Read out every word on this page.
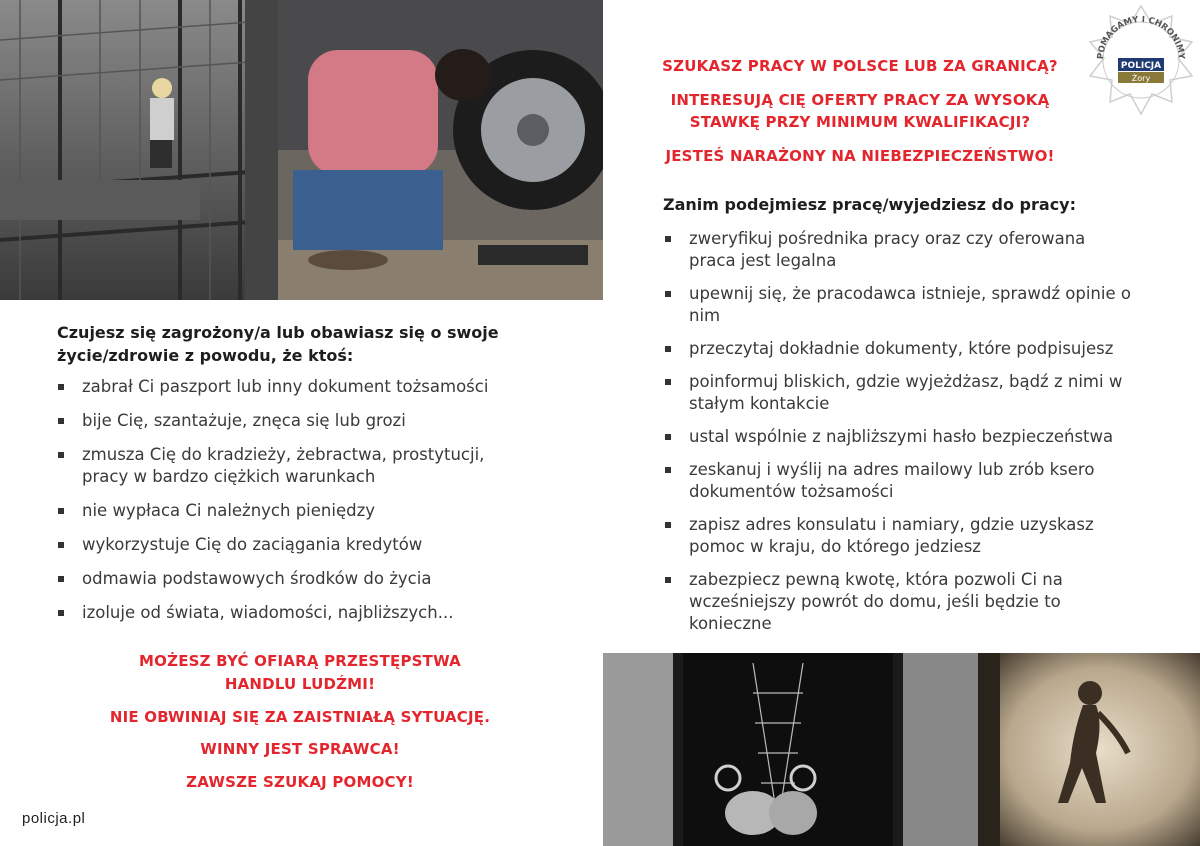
POMAGAMY I CHRONIMY
POLICJA
Żory
SZUKASZ PRACY W POLSCE LUB ZA GRANICĄ?
INTERESUJĄ CIĘ OFERTY PRACY ZA WYSOKĄ
STAWKĘ PRZY MINIMUM KWALIFIKACJI?
JESTEŚ NARAŻONY NA NIEBEZPIECZEŃSTWO!
Zanim podejmiesz pracę/wyjedziesz do pracy:
zweryfikuj pośrednika pracy oraz czy oferowana praca jest legalna
upewnij się, że pracodawca istnieje, sprawdź opinie o nim
przeczytaj dokładnie dokumenty, które podpisujesz
poinformuj bliskich, gdzie wyjeżdżasz, bądź z nimi w stałym kontakcie
ustal wspólnie z najbliższymi hasło bezpieczeństwa
zeskanuj i wyślij na adres mailowy lub zrób ksero dokumentów tożsamości
zapisz adres konsulatu i namiary, gdzie uzyskasz pomoc w kraju, do którego jedziesz
zabezpiecz pewną kwotę, która pozwoli Ci na wcześniejszy powrót do domu, jeśli będzie to konieczne
Czujesz się zagrożony/a lub obawiasz się o swoje
życie/zdrowie z powodu, że ktoś:
zabrał Ci paszport lub inny dokument tożsamości
bije Cię, szantażuje, znęca się lub grozi
zmusza Cię do kradzieży, żebractwa, prostytucji, pracy w bardzo ciężkich warunkach
nie wypłaca Ci należnych pieniędzy
wykorzystuje Cię do zaciągania kredytów
odmawia podstawowych środków do życia
izoluje od świata, wiadomości, najbliższych...
MOŻESZ BYĆ OFIARĄ PRZESTĘPSTWA
HANDLU LUDŹMI!
NIE OBWINIAJ SIĘ ZA ZAISTNIAŁĄ SYTUACJĘ.
WINNY JEST SPRAWCA!
ZAWSZE SZUKAJ POMOCY!
policja.pl
